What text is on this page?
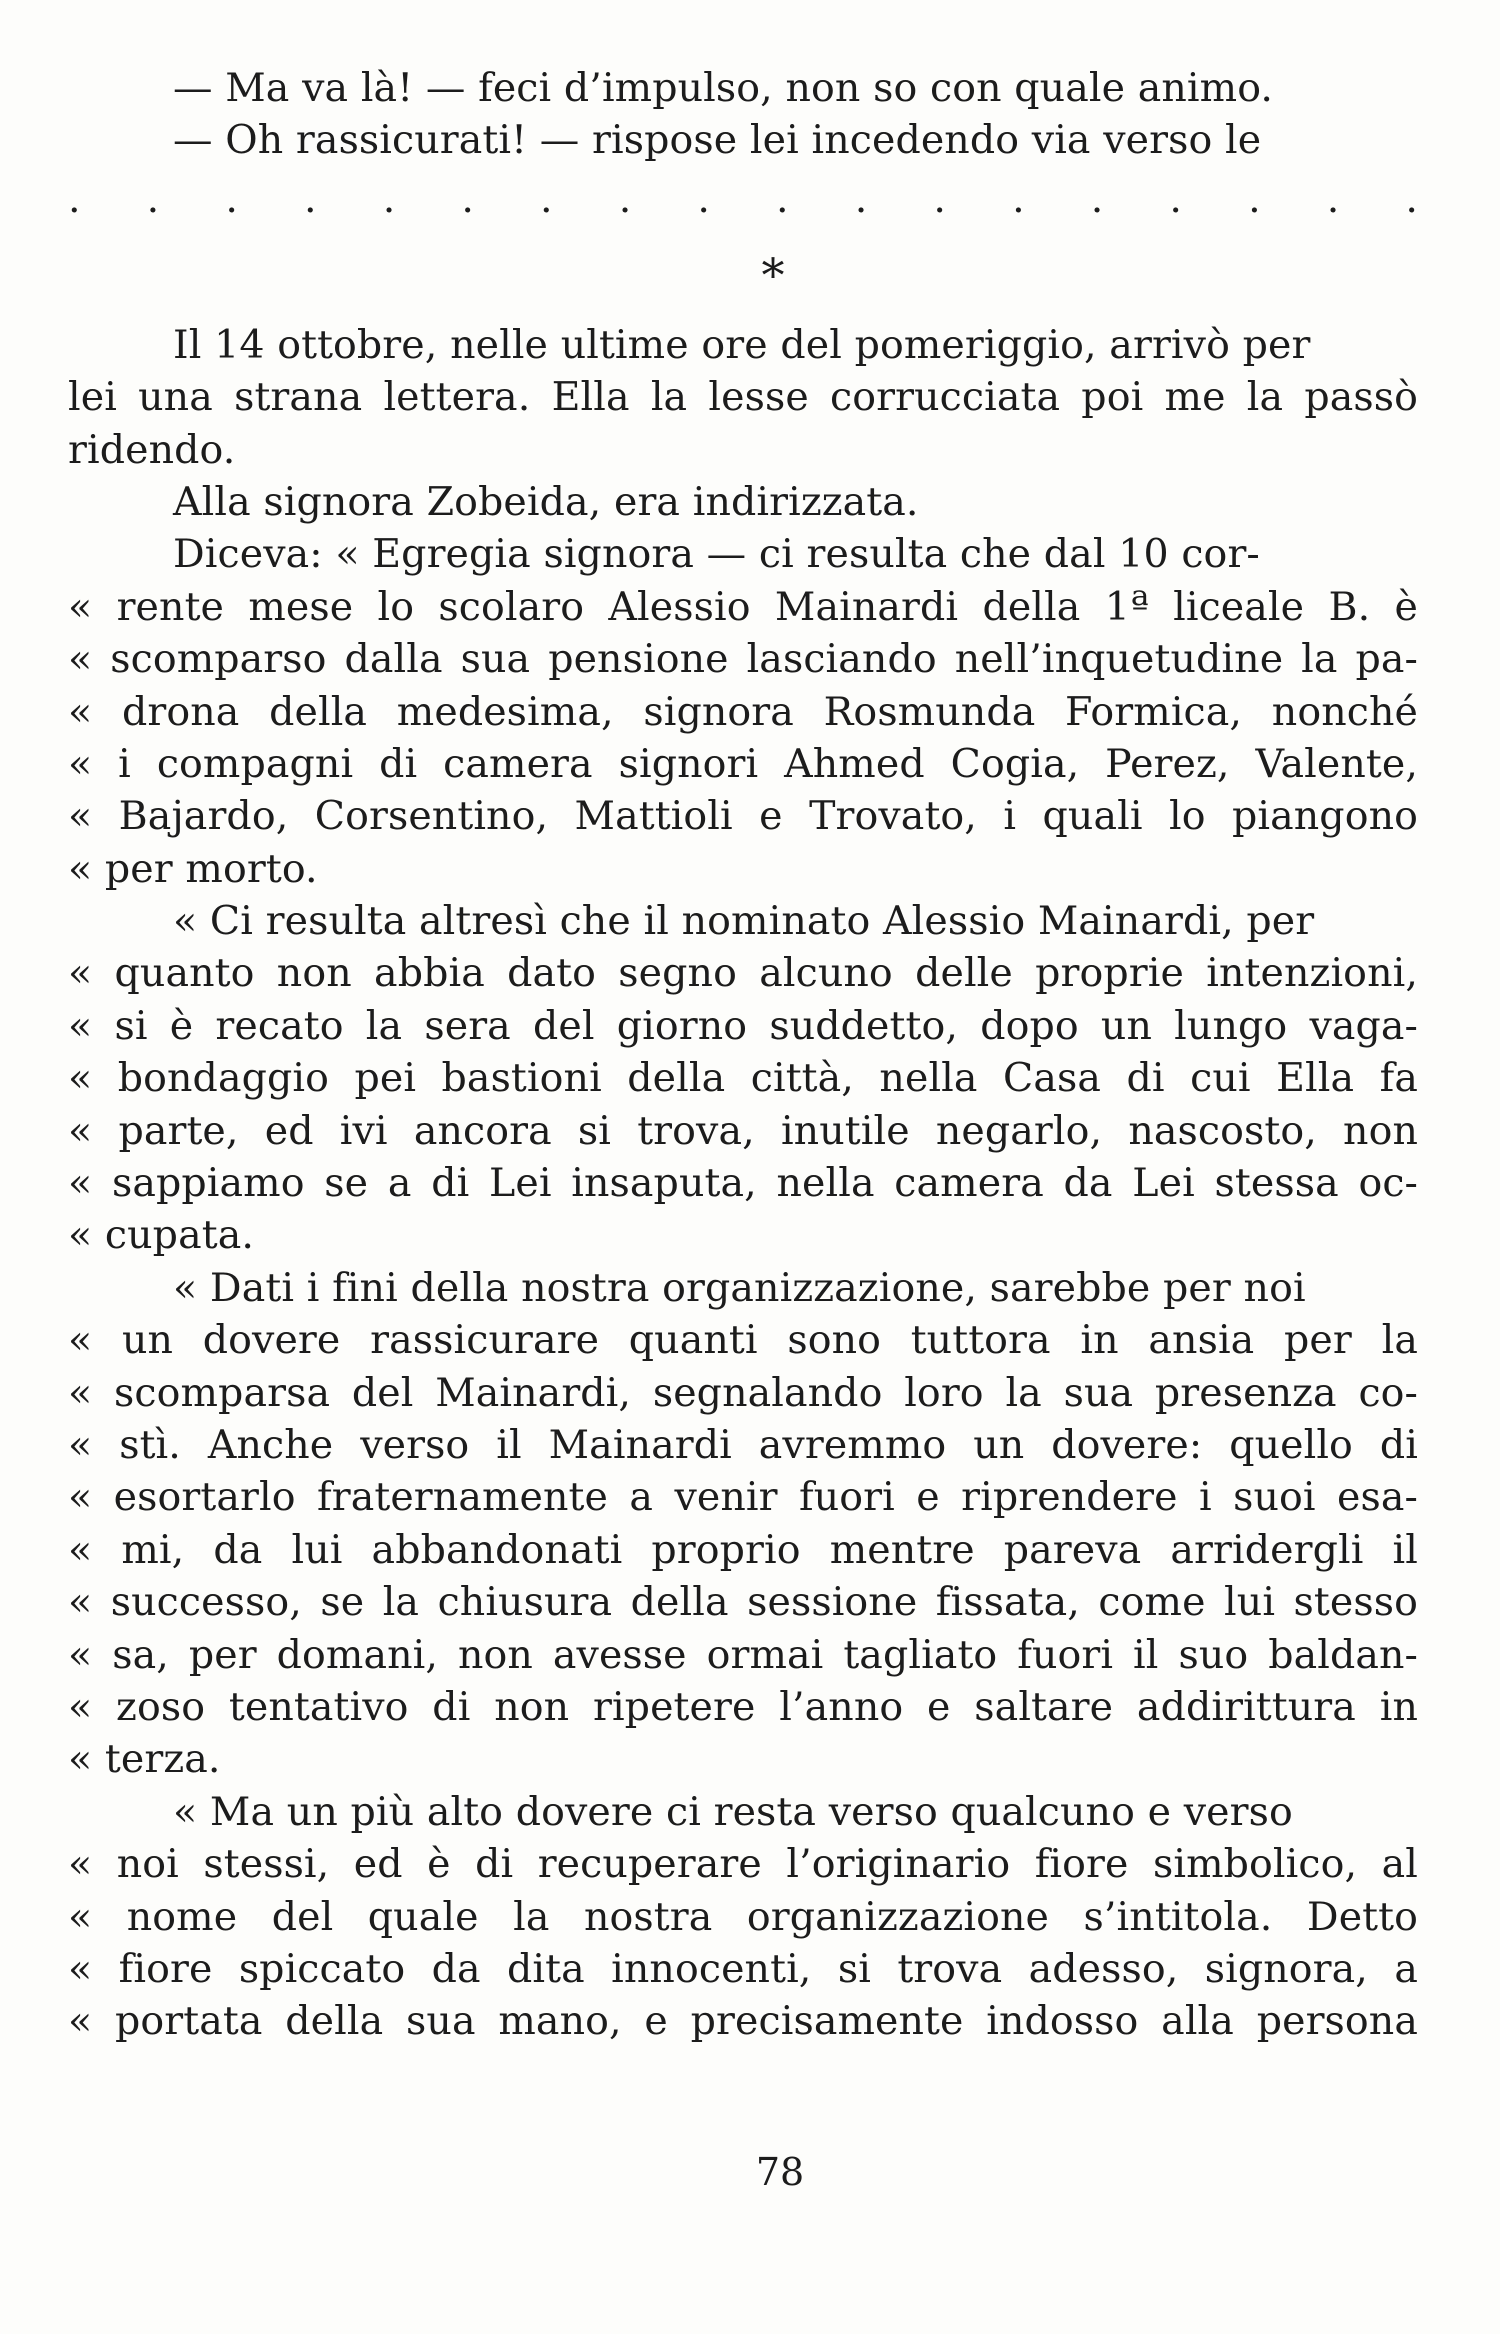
— Ma va là! — feci d’impulso, non so con quale animo.
— Oh rassicurati! — rispose lei incedendo via verso le
. . . . . . . . . . . . . . . . . .
*
Il 14 ottobre, nelle ultime ore del pomeriggio, arrivò per
lei una strana lettera. Ella la lesse corrucciata poi me la passò
ridendo.
Alla signora Zobeida, era indirizzata.
Diceva: « Egregia signora — ci resulta che dal 10 cor-
« rente mese lo scolaro Alessio Mainardi della 1ª liceale B. è
« scomparso dalla sua pensione lasciando nell’inquetudine la pa-
« drona della medesima, signora Rosmunda Formica, nonché
« i compagni di camera signori Ahmed Cogia, Perez, Valente,
« Bajardo, Corsentino, Mattioli e Trovato, i quali lo piangono
« per morto.
« Ci resulta altresì che il nominato Alessio Mainardi, per
« quanto non abbia dato segno alcuno delle proprie intenzioni,
« si è recato la sera del giorno suddetto, dopo un lungo vaga-
« bondaggio pei bastioni della città, nella Casa di cui Ella fa
« parte, ed ivi ancora si trova, inutile negarlo, nascosto, non
« sappiamo se a di Lei insaputa, nella camera da Lei stessa oc-
« cupata.
« Dati i fini della nostra organizzazione, sarebbe per noi
« un dovere rassicurare quanti sono tuttora in ansia per la
« scomparsa del Mainardi, segnalando loro la sua presenza co-
« stì. Anche verso il Mainardi avremmo un dovere: quello di
« esortarlo fraternamente a venir fuori e riprendere i suoi esa-
« mi, da lui abbandonati proprio mentre pareva arridergli il
« successo, se la chiusura della sessione fissata, come lui stesso
« sa, per domani, non avesse ormai tagliato fuori il suo baldan-
« zoso tentativo di non ripetere l’anno e saltare addirittura in
« terza.
« Ma un più alto dovere ci resta verso qualcuno e verso
« noi stessi, ed è di recuperare l’originario fiore simbolico, al
« nome del quale la nostra organizzazione s’intitola. Detto
« fiore spiccato da dita innocenti, si trova adesso, signora, a
« portata della sua mano, e precisamente indosso alla persona
78
